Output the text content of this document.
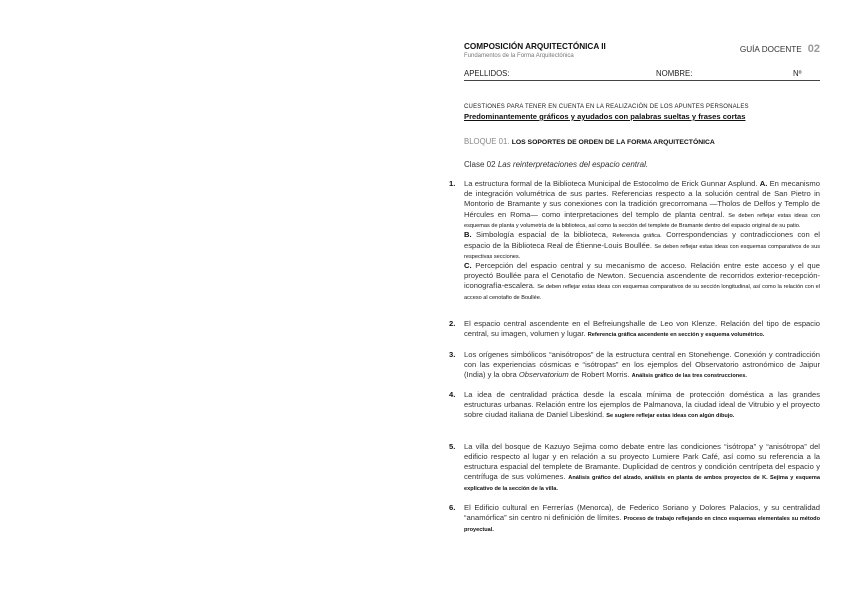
COMPOSICIÓN ARQUITECTÓNICA II
Fundamentos de la Forma Arquitectónica
GUÍA DOCENTE 02
APELLIDOS:	NOMBRE:	Nº
CUESTIONES PARA TENER EN CUENTA EN LA REALIZACIÓN DE LOS APUNTES PERSONALES
Predominantemente gráficos y ayudados con palabras sueltas y frases cortas
BLOQUE 01. LOS SOPORTES DE ORDEN DE LA FORMA ARQUITECTÓNICA
Clase 02 Las reinterpretaciones del espacio central.
1. La estructura formal de la Biblioteca Municipal de Estocolmo de Erick Gunnar Asplund. A. En mecanismo de integración volumétrica de sus partes. Referencias respecto a la solución central de San Pietro in Montorio de Bramante y sus conexiones con la tradición grecorromana —Tholos de Delfos y Templo de Hércules en Roma— como interpretaciones del templo de planta central. Se deben reflejar estas ideas con esquemas de planta y volumetría de la biblioteca, así como la sección del templete de Bramante dentro del espacio original de su patio.
B. Simbología espacial de la biblioteca, Referencia gráfica. Correspondencias y contradicciones con el espacio de la Biblioteca Real de Étienne-Louis Boullée. Se deben reflejar estas ideas con esquemas comparativos de sus respectivas secciones.
C. Percepción del espacio central y su mecanismo de acceso. Relación entre este acceso y el que proyectó Boullée para el Cenotafio de Newton. Secuencia ascendente de recorridos exterior-recepción-iconografía-escalera. Se deben reflejar estas ideas con esquemas comparativos de su sección longitudinal, así como la relación con el acceso al cenotafio de Boullée.
2. El espacio central ascendente en el Befreiungshalle de Leo von Klenze. Relación del tipo de espacio central, su imagen, volumen y lugar. Referencia gráfica ascendente en sección y esquema volumétrico.
3. Los orígenes simbólicos “anisótropos” de la estructura central en Stonehenge. Conexión y contradicción con las experiencias cósmicas e “isótropas” en los ejemplos del Observatorio astronómico de Jaipur (India) y la obra Observatorium de Robert Morris. Análisis gráfico de las tres construcciones.
4. La idea de centralidad práctica desde la escala mínima de protección doméstica a las grandes estructuras urbanas. Relación entre los ejemplos de Palmanova, la ciudad ideal de Vitrubio y el proyecto sobre ciudad italiana de Daniel Libeskind. Se sugiere reflejar estas ideas con algún dibujo.
5. La villa del bosque de Kazuyo Sejima como debate entre las condiciones “isótropa” y “anisótropa” del edificio respecto al lugar y en relación a su proyecto Lumiere Park Café, así como su referencia a la estructura espacial del templete de Bramante. Duplicidad de centros y condición centrípeta del espacio y centrífuga de sus volúmenes. Análisis gráfico del alzado, análisis en planta de ambos proyectos de K. Sejima y esquema explicativo de la sección de la villa.
6. El Edificio cultural en Ferrerías (Menorca), de Federico Soriano y Dolores Palacios, y su centralidad “anamórfica” sin centro ni definición de límites. Proceso de trabajo reflejando en cinco esquemas elementales su método proyectual.
